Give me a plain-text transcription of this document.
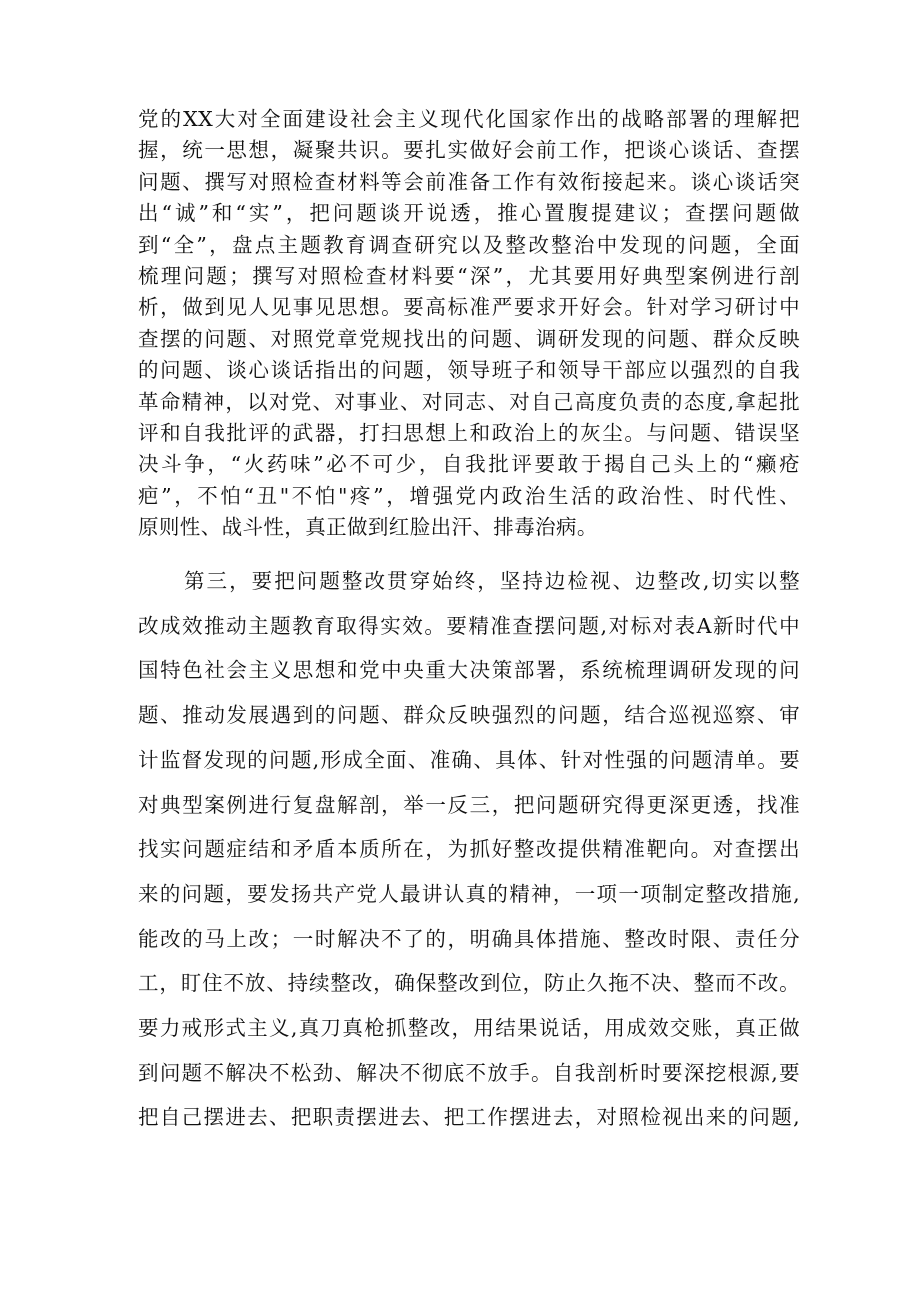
党的XX大对全面建设社会主义现代化国家作出的战略部署的理解把
握，统一思想，凝聚共识。要扎实做好会前工作，把谈心谈话、查摆
问题、撰写对照检查材料等会前准备工作有效衔接起来。谈心谈话突
出“诚”和“实”，把问题谈开说透，推心置腹提建议；查摆问题做
到“全”，盘点主题教育调查研究以及整改整治中发现的问题，全面
梳理问题；撰写对照检查材料要“深”，尤其要用好典型案例进行剖
析，做到见人见事见思想。要高标准严要求开好会。针对学习研讨中
查摆的问题、对照党章党规找出的问题、调研发现的问题、群众反映
的问题、谈心谈话指出的问题，领导班子和领导干部应以强烈的自我
革命精神，以对党、对事业、对同志、对自己高度负责的态度,拿起批
评和自我批评的武器，打扫思想上和政治上的灰尘。与问题、错误坚
决斗争，“火药味”必不可少，自我批评要敢于揭自己头上的“癞疮
疤”，不怕“丑"不怕"疼”，增强党内政治生活的政治性、时代性、
原则性、战斗性，真正做到红脸出汗、排毒治病。

第三，要把问题整改贯穿始终，坚持边检视、边整改,切实以整
改成效推动主题教育取得实效。要精准查摆问题,对标对表A新时代中
国特色社会主义思想和党中央重大决策部署，系统梳理调研发现的问
题、推动发展遇到的问题、群众反映强烈的问题，结合巡视巡察、审
计监督发现的问题,形成全面、准确、具体、针对性强的问题清单。要
对典型案例进行复盘解剖，举一反三，把问题研究得更深更透，找准
找实问题症结和矛盾本质所在，为抓好整改提供精准靶向。对查摆出
来的问题，要发扬共产党人最讲认真的精神，一项一项制定整改措施,
能改的马上改；一时解决不了的，明确具体措施、整改时限、责任分
工，盯住不放、持续整改，确保整改到位，防止久拖不决、整而不改。
要力戒形式主义,真刀真枪抓整改，用结果说话，用成效交账，真正做
到问题不解决不松劲、解决不彻底不放手。自我剖析时要深挖根源,要
把自己摆进去、把职责摆进去、把工作摆进去，对照检视出来的问题,
